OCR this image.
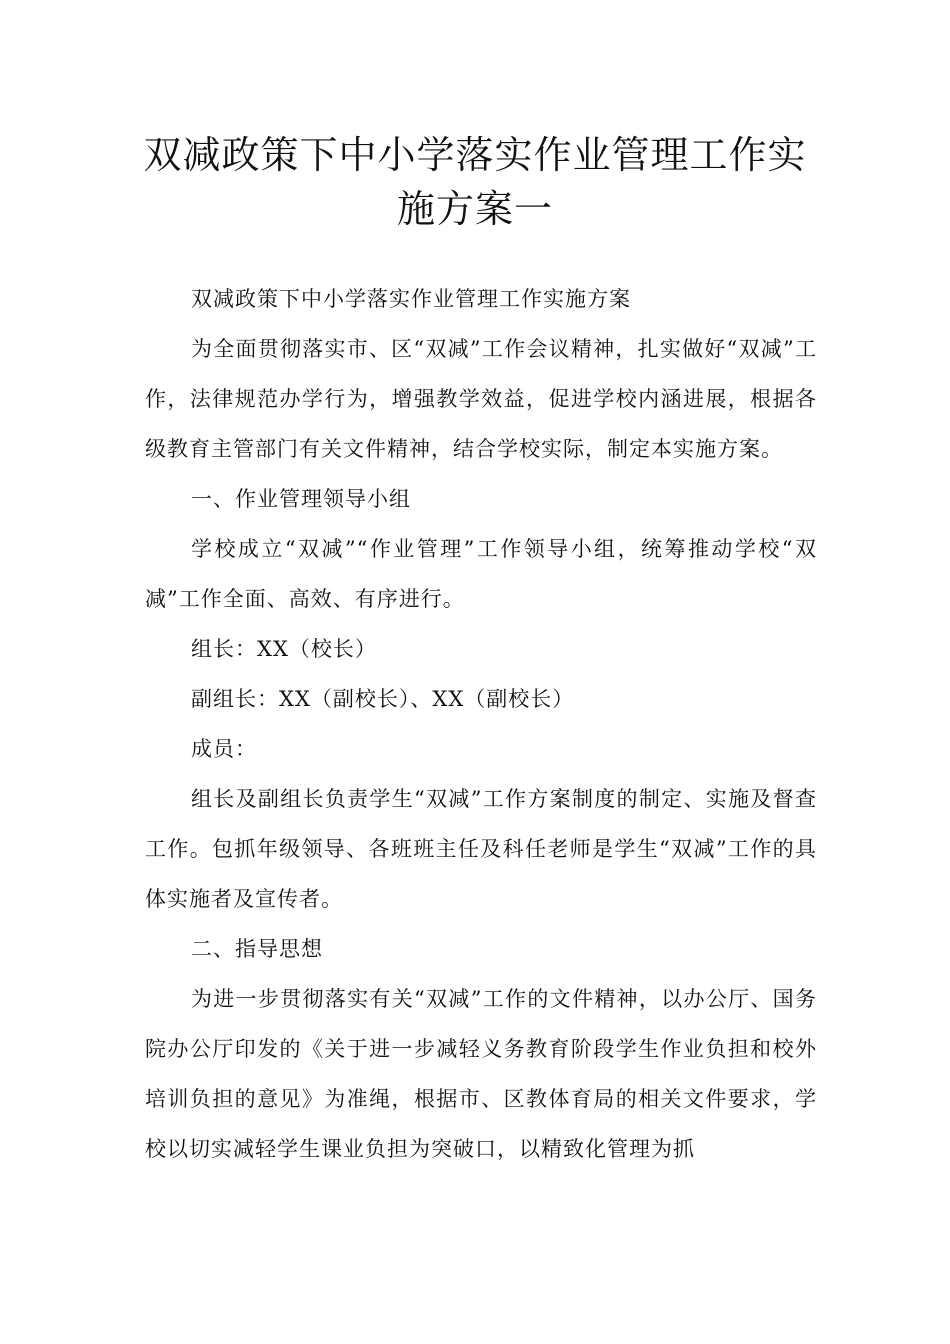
双减政策下中小学落实作业管理工作实施方案一

双减政策下中小学落实作业管理工作实施方案

为全面贯彻落实市、区“双减”工作会议精神，扎实做好“双减”工作，法律规范办学行为，增强教学效益，促进学校内涵进展，根据各级教育主管部门有关文件精神，结合学校实际，制定本实施方案。

一、作业管理领导小组

学校成立“双减”“作业管理”工作领导小组，统筹推动学校“双减”工作全面、高效、有序进行。

组长：XX（校长）

副组长：XX（副校长）、XX（副校长）

成员：

组长及副组长负责学生“双减”工作方案制度的制定、实施及督查工作。包抓年级领导、各班班主任及科任老师是学生“双减”工作的具体实施者及宣传者。

二、指导思想

为进一步贯彻落实有关“双减”工作的文件精神，以办公厅、国务院办公厅印发的《关于进一步减轻义务教育阶段学生作业负担和校外培训负担的意见》为准绳，根据市、区教体育局的相关文件要求，学校以切实减轻学生课业负担为突破口，以精致化管理为抓
